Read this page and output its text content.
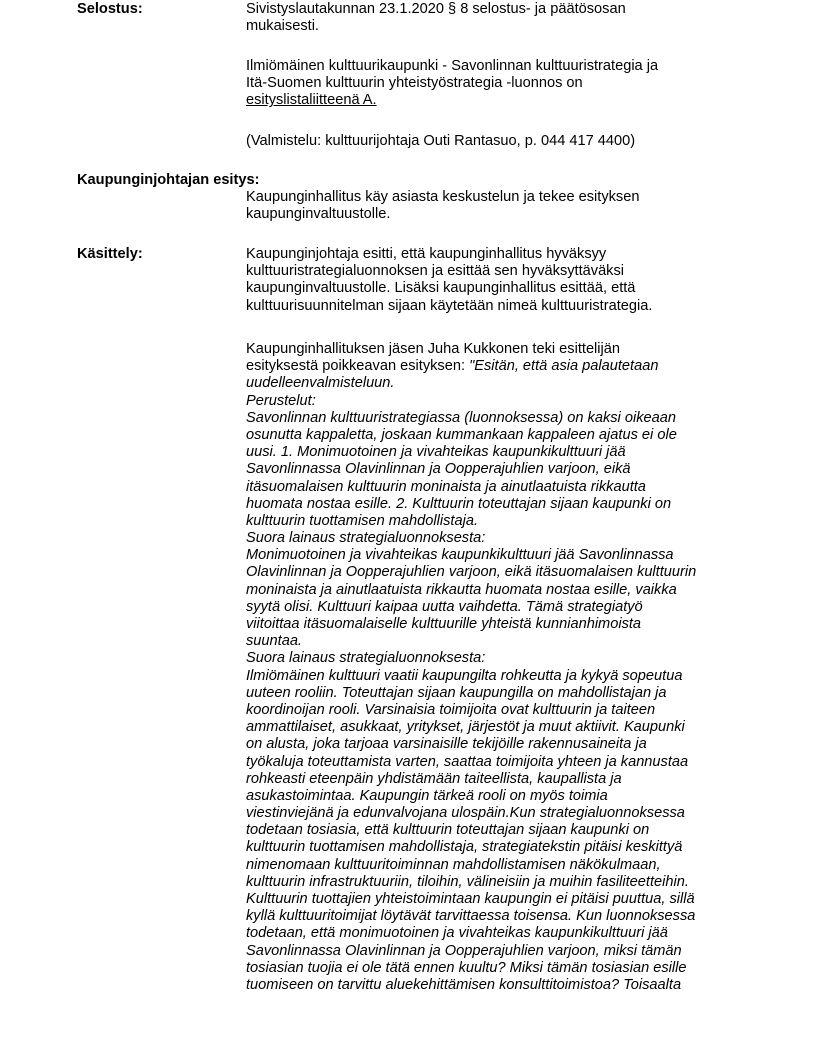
Selostus:	Sivistyslautakunnan 23.1.2020 § 8 selostus- ja päätösosan
mukaisesti.
Ilmiömäinen kulttuurikaupunki - Savonlinnan kulttuuristrategia ja
Itä-Suomen kulttuurin yhteistyöstrategia -luonnos on
esityslistaliitteenä A.
(Valmistelu: kulttuurijohtaja Outi Rantasuo, p. 044 417 4400)
Kaupunginjohtajan esitys:
Kaupunginhallitus käy asiasta keskustelun ja tekee esityksen
kaupunginvaltuustolle.
Käsittely:	Kaupunginjohtaja esitti, että kaupunginhallitus hyväksyy
kulttuuristrategialuonnoksen ja esittää sen hyväksyttäväksi
kaupunginvaltuustolle. Lisäksi kaupunginhallitus esittää, että
kulttuurisuunnitelman sijaan käytetään nimeä kulttuuristrategia.
Kaupunginhallituksen jäsen Juha Kukkonen teki esittelijän
esityksestä poikkeavan esityksen: "Esitän, että asia palautetaan
uudelleenvalmisteluun.
Perustelut:
Savonlinnan kulttuuristrategiassa (luonnoksessa) on kaksi oikeaan
osunutta kappaletta, joskaan kummankaan kappaleen ajatus ei ole
uusi. 1. Monimuotoinen ja vivahteikas kaupunkikulttuuri jää
Savonlinnassa Olavinlinnan ja Oopperajuhlien varjoon, eikä
itäsuomalaisen kulttuurin moninaista ja ainutlaatuista rikkautta
huomata nostaa esille. 2. Kulttuurin toteuttajan sijaan kaupunki on
kulttuurin tuottamisen mahdollistaja.
Suora lainaus strategialuonnoksesta:
Monimuotoinen ja vivahteikas kaupunkikulttuuri jää Savonlinnassa
Olavinlinnan ja Oopperajuhlien varjoon, eikä itäsuomalaisen kulttuurin
moninaista ja ainutlaatuista rikkautta huomata nostaa esille, vaikka
syytä olisi. Kulttuuri kaipaa uutta vaihdetta. Tämä strategiatyö
viitoittaa itäsuomalaiselle kulttuurille yhteistä kunnianhimoista
suuntaa.
Suora lainaus strategialuonnoksesta:
Ilmiömäinen kulttuuri vaatii kaupungilta rohkeutta ja kykyä sopeutua
uuteen rooliin. Toteuttajan sijaan kaupungilla on mahdollistajan ja
koordinoijan rooli. Varsinaisia toimijoita ovat kulttuurin ja taiteen
ammattilaiset, asukkaat, yritykset, järjestöt ja muut aktiivit. Kaupunki
on alusta, joka tarjoaa varsinaisille tekijöille rakennusaineita ja
työkaluja toteuttamista varten, saattaa toimijoita yhteen ja kannustaa
rohkeasti eteenpäin yhdistämään taiteellista, kaupallista ja
asukastoimintaa. Kaupungin tärkeä rooli on myös toimia
viestinviejänä ja edunvalvojana ulospäin.Kun strategialuonnoksessa
todetaan tosiasia, että kulttuurin toteuttajan sijaan kaupunki on
kulttuurin tuottamisen mahdollistaja, strategiatekstin pitäisi keskittyä
nimenomaan kulttuuritoiminnan mahdollistamisen näkökulmaan,
kulttuurin infrastruktuuriin, tiloihin, välineisiin ja muihin fasiliteetteihin.
Kulttuurin tuottajien yhteistoimintaan kaupungin ei pitäisi puuttua, sillä
kyllä kulttuuritoimijat löytävät tarvittaessa toisensa. Kun luonnoksessa
todetaan, että monimuotoinen ja vivahteikas kaupunkikulttuuri jää
Savonlinnassa Olavinlinnan ja Oopperajuhlien varjoon, miksi tämän
tosiasian tuojia ei ole tätä ennen kuultu? Miksi tämän tosiasian esille
tuomiseen on tarvittu aluekehittämisen konsulttitoimistoa? Toisaalta
